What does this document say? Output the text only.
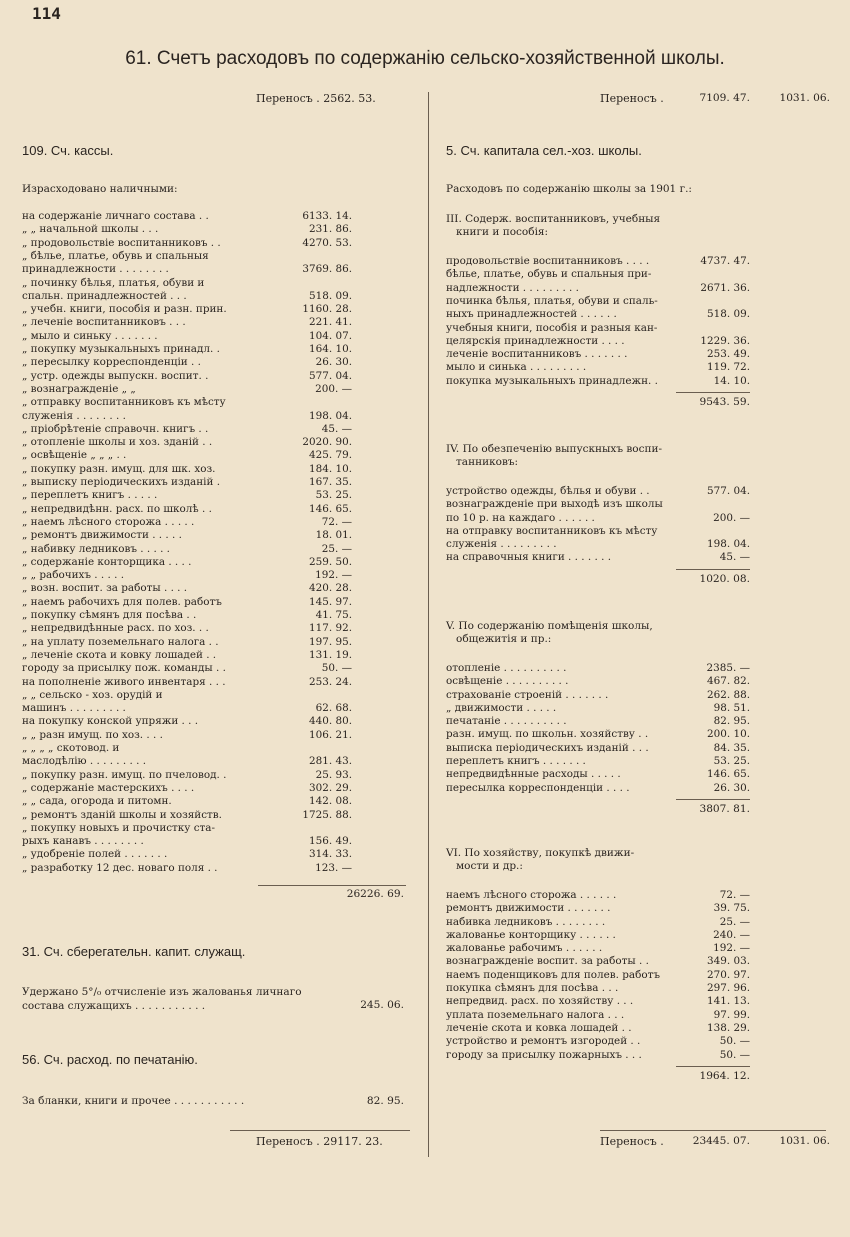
114
61. Счетъ расходовъ по содержанію сельско-хозяйственной школы.
Переносъ . 2562. 53.
109. Сч. кассы.
Израсходовано наличными:
на содержаніе личнаго состава . .	6133. 14.
„ „ начальной школы . . .	231. 86.
„ продовольствіе воспитанниковъ . .	4270. 53.
„ бѣлье, платье, обувь и спальныя
принадлежности . . . . . . . .	3769. 86.
„ починку бѣлья, платья, обуви и
спальн. принадлежностей . . .	518. 09.
„ учебн. книги, пособія и разн. прин.	1160. 28.
„ леченіе воспитанниковъ . . .	221. 41.
„ мыло и синьку . . . . . . .	104. 07.
„ покупку музыкальныхъ принадл. .	164. 10.
„ пересылку корреспонденціи . .	26. 30.
„ устр. одежды выпускн. воспит. .	577. 04.
„ вознагражденіе „ „	200. —
„ отправку воспитанниковъ къ мѣсту
служенія . . . . . . . .	198. 04.
„ пріобрѣтеніе справочн. книгъ . .	45. —
„ отопленіе школы и хоз. зданій . .	2020. 90.
„ освѣщеніе „ „ „ . .	425. 79.
„ покупку разн. имущ. для шк. хоз.	184. 10.
„ выписку періодическихъ изданій .	167. 35.
„ переплетъ книгъ . . . . .	53. 25.
„ непредвидѣнн. расх. по школѣ . .	146. 65.
„ наемъ лѣсного сторожа . . . . .	72. —
„ ремонтъ движимости . . . . .	18. 01.
„ набивку ледниковъ . . . . .	25. —
„ содержаніе конторщика . . . .	259. 50.
„ „ рабочихъ . . . . .	192. —
„ возн. воспит. за работы . . . .	420. 28.
„ наемъ рабочихъ для полев. работъ	145. 97.
„ покупку сѣмянъ для посѣва . .	41. 75.
„ непредвидѣнные расх. по хоз. . .	117. 92.
„ на уплату поземельнаго налога . .	197. 95.
„ леченіе скота и ковку лошадей . .	131. 19.
городу за присылку пож. команды . .	50. —
на пополненіе живого инвентаря . . .	253. 24.
„ „ сельско - хоз. орудій и
машинъ . . . . . . . . .	62. 68.
на покупку конской упряжи . . .	440. 80.
„ „ разн имущ. по хоз. . . .	106. 21.
„ „ „ „ скотовод. и
маслодѣлію . . . . . . . . .	281. 43.
„ покупку разн. имущ. по пчеловод. .	25. 93.
„ содержаніе мастерскихъ . . . .	302. 29.
„ „ сада, огорода и питомн.	142. 08.
„ ремонтъ зданій школы и хозяйств.	1725. 88.
„ покупку новыхъ и прочистку ста-
рыхъ канавъ . . . . . . . .	156. 49.
„ удобреніе полей . . . . . . .	314. 33.
„ разработку 12 дес. новаго поля . .	123. —
26226. 69.
31. Сч. сберегательн. капит. служащ.
Удержано 5°/₀ отчисленіе изъ жалованья личнаго
состава служащихъ . . . . . . . . . . .	245. 06.
56. Сч. расход. по печатанію.
За бланки, книги и прочее . . . . . . . . . . .	82. 95.
Переносъ . 29117. 23.
Переносъ .	7109. 47.	1031. 06.
5. Сч. капитала сел.-хоз. школы.
Расходовъ по содержанію школы за 1901 г.:
III. Содерж. воспитанниковъ, учебныя
книги и пособія:
продовольствіе воспитанниковъ . . . .	4737. 47.
бѣлье, платье, обувь и спальныя при-
надлежности . . . . . . . . .	2671. 36.
починка бѣлья, платья, обуви и спаль-
ныхъ принадлежностей . . . . . .	518. 09.
учебныя книги, пособія и разныя кан-
целярскія принадлежности . . . .	1229. 36.
леченіе воспитанниковъ . . . . . . .	253. 49.
мыло и синька . . . . . . . . .	119. 72.
покупка музыкальныхъ принадлежн. .	14. 10.
9543. 59.
IV. По обезпеченію выпускныхъ воспи-
танниковъ:
устройство одежды, бѣлья и обуви . .	577. 04.
вознагражденіе при выходѣ изъ школы
по 10 р. на каждаго . . . . . .	200. —
на отправку воспитанниковъ къ мѣсту
служенія . . . . . . . . .	198. 04.
на справочныя книги . . . . . . .	45. —
1020. 08.
V. По содержанію помѣщенія школы,
общежитія и пр.:
отопленіе . . . . . . . . . .	2385. —
освѣщеніе . . . . . . . . . .	467. 82.
страхованіе строеній . . . . . . .	262. 88.
„ движимости . . . . .	98. 51.
печатаніе . . . . . . . . . .	82. 95.
разн. имущ. по школьн. хозяйству . .	200. 10.
выписка періодическихъ изданій . . .	84. 35.
переплетъ книгъ . . . . . . .	53. 25.
непредвидѣнные расходы . . . . .	146. 65.
пересылка корреспонденціи . . . .	26. 30.
3807. 81.
VI. По хозяйству, покупкѣ движи-
мости и др.:
наемъ лѣсного сторожа . . . . . .	72. —
ремонтъ движимости . . . . . . .	39. 75.
набивка ледниковъ . . . . . . . .	25. —
жалованье конторщику . . . . . .	240. —
жалованье рабочимъ . . . . . .	192. —
вознагражденіе воспит. за работы . .	349. 03.
наемъ поденщиковъ для полев. работъ	270. 97.
покупка сѣмянъ для посѣва . . .	297. 96.
непредвид. расх. по хозяйству . . .	141. 13.
уплата поземельнаго налога . . .	97. 99.
леченіе скота и ковка лошадей . .	138. 29.
устройство и ремонтъ изгородей . .	50. —
городу за присылку пожарныхъ . . .	50. —
1964. 12.
Переносъ .	23445. 07.	1031. 06.
